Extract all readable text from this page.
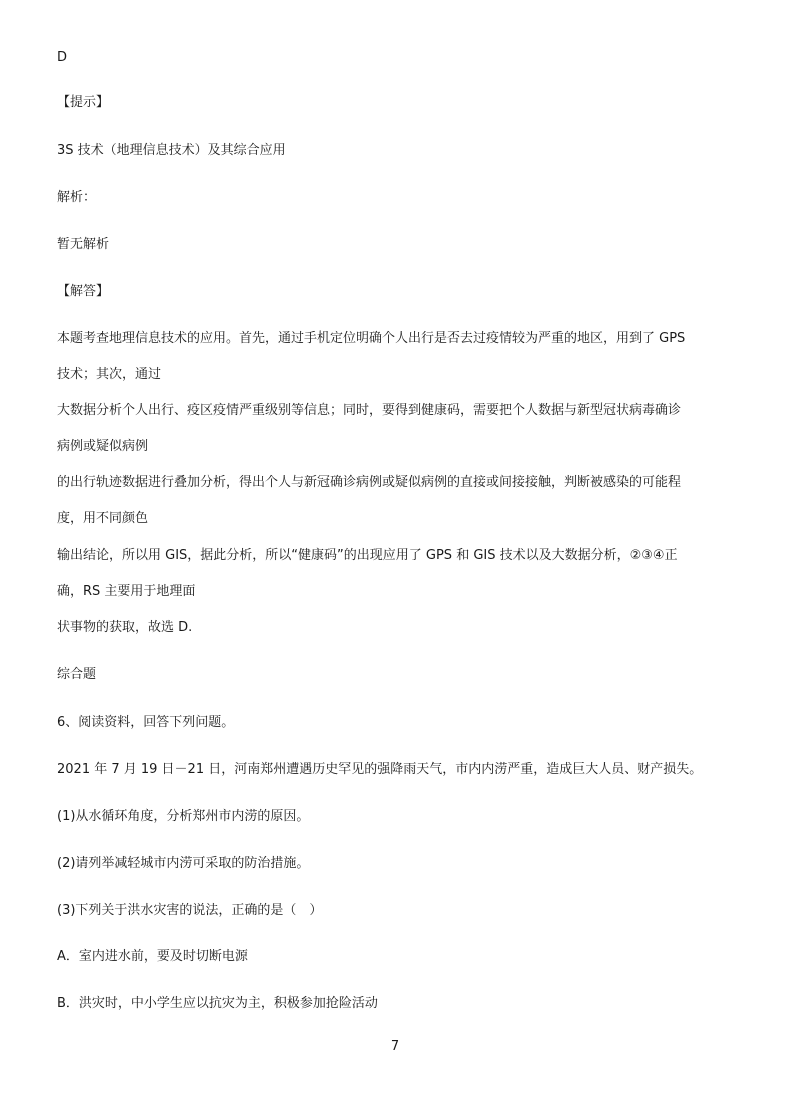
D
【提示】
3S 技术（地理信息技术）及其综合应用
解析：
暂无解析
【解答】
本题考查地理信息技术的应用。首先，通过手机定位明确个人出行是否去过疫情较为严重的地区，用到了 GPS
技术；其次，通过
大数据分析个人出行、疫区疫情严重级别等信息；同时，要得到健康码，需要把个人数据与新型冠状病毒确诊
病例或疑似病例
的出行轨迹数据进行叠加分析，得出个人与新冠确诊病例或疑似病例的直接或间接接触，判断被感染的可能程
度，用不同颜色
输出结论，所以用 GIS，据此分析，所以“健康码”的出现应用了 GPS 和 GIS 技术以及大数据分析，②③④正
确，RS 主要用于地理面
状事物的获取，故选 D.
综合题
6、阅读资料，回答下列问题。
2021 年 7 月 19 日－21 日，河南郑州遭遇历史罕见的强降雨天气，市内内涝严重，造成巨大人员、财产损失。
(1)从水循环角度，分析郑州市内涝的原因。
(2)请列举减轻城市内涝可采取的防治措施。
(3)下列关于洪水灾害的说法，正确的是（　）
A．室内进水前，要及时切断电源
B．洪灾时，中小学生应以抗灾为主，积极参加抢险活动
7
